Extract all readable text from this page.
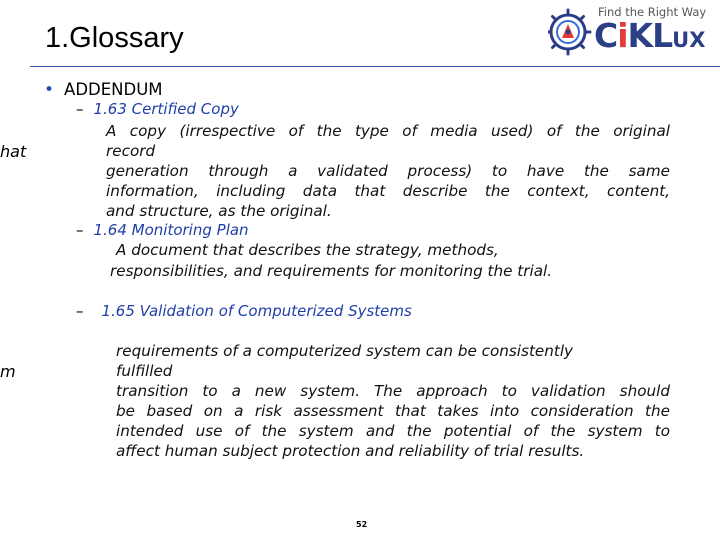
1.Glossary
hat
m
Find the Right Way
CiKLUX
• ADDENDUM
– 1.63 Certified Copy
A copy (irrespective of the type of media used) of the original
record
generation through a validated process) to have the same
information, including data that describe the context, content,
and structure, as the original.
– 1.64 Monitoring Plan
A document that describes the strategy, methods,
responsibilities, and requirements for monitoring the trial.
– 1.65 Validation of Computerized Systems
requirements of a computerized system can be consistently
fulfilled
transition to a new system. The approach to validation should
be based on a risk assessment that takes into consideration the
intended use of the system and the potential of the system to
affect human subject protection and reliability of trial results.
52
